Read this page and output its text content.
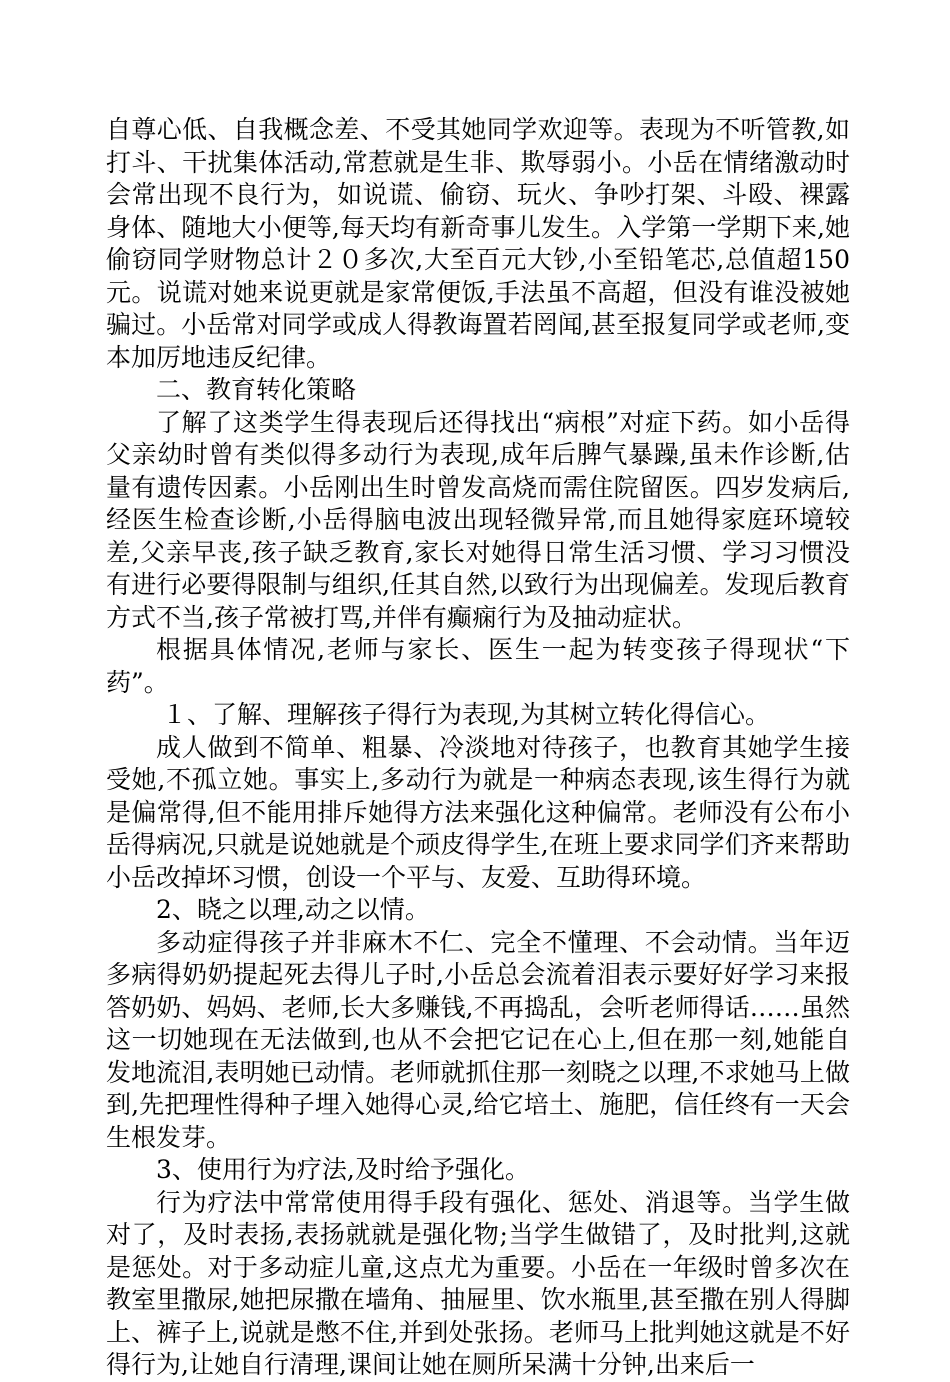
自尊心低、自我概念差、不受其她同学欢迎等。表现为不听管教,如打斗、干扰集体活动,常惹就是生非、欺辱弱小。小岳在情绪激动时会常出现不良行为，如说谎、偷窃、玩火、争吵打架、斗殴、裸露身体、随地大小便等,每天均有新奇事儿发生。入学第一学期下来,她偷窃同学财物总计２０多次,大至百元大钞,小至铅笔芯,总值超150元。说谎对她来说更就是家常便饭,手法虽不高超，但没有谁没被她骗过。小岳常对同学或成人得教诲置若罔闻,甚至报复同学或老师,变本加厉地违反纪律。

二、教育转化策略

了解了这类学生得表现后还得找出“病根”对症下药。如小岳得父亲幼时曾有类似得多动行为表现,成年后脾气暴躁,虽未作诊断,估量有遗传因素。小岳刚出生时曾发高烧而需住院留医。四岁发病后,经医生检查诊断,小岳得脑电波出现轻微异常,而且她得家庭环境较差,父亲早丧,孩子缺乏教育,家长对她得日常生活习惯、学习习惯没有进行必要得限制与组织,任其自然,以致行为出现偏差。发现后教育方式不当,孩子常被打骂,并伴有癫痫行为及抽动症状。

根据具体情况,老师与家长、医生一起为转变孩子得现状“下药”。

１、了解、理解孩子得行为表现,为其树立转化得信心。

成人做到不简单、粗暴、冷淡地对待孩子，也教育其她学生接受她,不孤立她。事实上,多动行为就是一种病态表现,该生得行为就是偏常得,但不能用排斥她得方法来强化这种偏常。老师没有公布小岳得病况,只就是说她就是个顽皮得学生,在班上要求同学们齐来帮助小岳改掉坏习惯，创设一个平与、友爱、互助得环境。

2、晓之以理,动之以情。

多动症得孩子并非麻木不仁、完全不懂理、不会动情。当年迈多病得奶奶提起死去得儿子时,小岳总会流着泪表示要好好学习来报答奶奶、妈妈、老师,长大多赚钱,不再捣乱，会听老师得话……虽然这一切她现在无法做到,也从不会把它记在心上,但在那一刻,她能自发地流泪,表明她已动情。老师就抓住那一刻晓之以理,不求她马上做到,先把理性得种子埋入她得心灵,给它培土、施肥，信任终有一天会生根发芽。

3、使用行为疗法,及时给予强化。

行为疗法中常常使用得手段有强化、惩处、消退等。当学生做对了，及时表扬,表扬就就是强化物;当学生做错了，及时批判,这就是惩处。对于多动症儿童,这点尤为重要。小岳在一年级时曾多次在教室里撒尿,她把尿撒在墙角、抽屉里、饮水瓶里,甚至撒在别人得脚上、裤子上,说就是憋不住,并到处张扬。老师马上批判她这就是不好得行为,让她自行清理,课间让她在厕所呆满十分钟,出来后一
